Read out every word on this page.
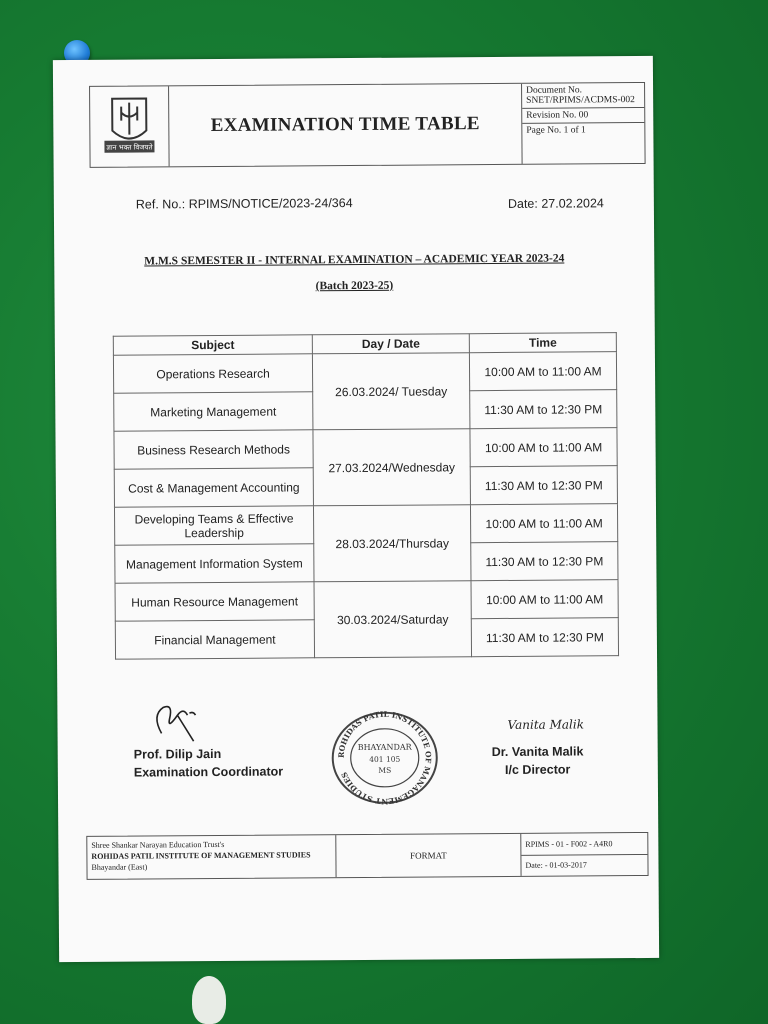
ज्ञान भक्त विजयते
EXAMINATION TIME TABLE
Document No.
SNET/RPIMS/ACDMS-002
Revision No. 00
Page No. 1 of 1
Ref. No.: RPIMS/NOTICE/2023-24/364	Date: 27.02.2024
M.M.S SEMESTER II - INTERNAL EXAMINATION – ACADEMIC YEAR 2023-24
(Batch 2023-25)
Subject	Day / Date	Time
Operations Research	26.03.2024/ Tuesday	10:00 AM to 11:00 AM
Marketing Management		11:30 AM to 12:30 PM
Business Research Methods	27.03.2024/Wednesday	10:00 AM to 11:00 AM
Cost & Management Accounting		11:30 AM to 12:30 PM
Developing Teams & Effective Leadership	28.03.2024/Thursday	10:00 AM to 11:00 AM
Management Information System		11:30 AM to 12:30 PM
Human Resource Management	30.03.2024/Saturday	10:00 AM to 11:00 AM
Financial Management		11:30 AM to 12:30 PM
Prof. Dilip Jain
Examination Coordinator
ROHIDAS PATIL INSTITUTE OF MANAGEMENT STUDIES
BHAYANDAR
401 105
MS
Vanita Malik
Dr. Vanita Malik
I/c Director
Shree Shankar Narayan Education Trust's
ROHIDAS PATIL INSTITUTE OF MANAGEMENT STUDIES
Bhayandar (East)
FORMAT
RPIMS - 01 - F002 - A4R0
Date: - 01-03-2017
